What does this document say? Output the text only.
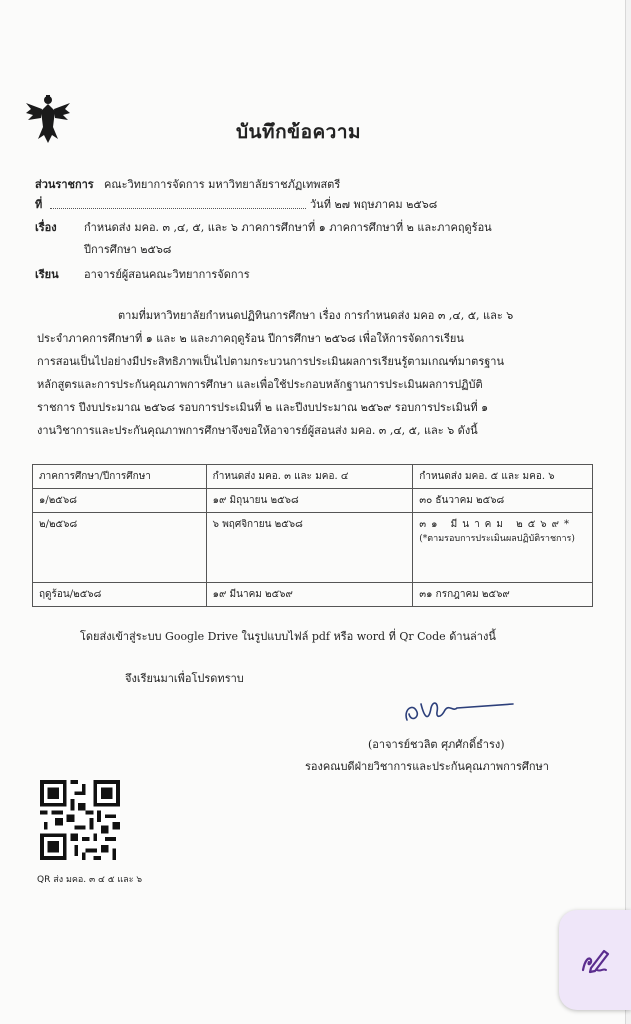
บันทึกข้อความ
ส่วนราชการ คณะวิทยาการจัดการ มหาวิทยาลัยราชภัฏเทพสตรี
ที่	วันที่ ๒๗ พฤษภาคม ๒๕๖๘
เรื่อง กำหนดส่ง มคอ. ๓ ,๔, ๕, และ ๖ ภาคการศึกษาที่ ๑ ภาคการศึกษาที่ ๒ และภาคฤดูร้อน
ปีการศึกษา ๒๕๖๘
เรียน อาจารย์ผู้สอนคณะวิทยาการจัดการ
ตามที่มหาวิทยาลัยกำหนดปฏิทินการศึกษา เรื่อง การกำหนดส่ง มคอ ๓ ,๔, ๕, และ ๖
ประจำภาคการศึกษาที่ ๑ และ ๒ และภาคฤดูร้อน ปีการศึกษา ๒๕๖๘ เพื่อให้การจัดการเรียน
การสอนเป็นไปอย่างมีประสิทธิภาพเป็นไปตามกระบวนการประเมินผลการเรียนรู้ตามเกณฑ์มาตรฐาน
หลักสูตรและการประกันคุณภาพการศึกษา และเพื่อใช้ประกอบหลักฐานการประเมินผลการปฏิบัติ
ราชการ ปีงบประมาณ ๒๕๖๘ รอบการประเมินที่ ๒ และปีงบประมาณ ๒๕๖๙ รอบการประเมินที่ ๑
งานวิชาการและประกันคุณภาพการศึกษาจึงขอให้อาจารย์ผู้สอนส่ง มคอ. ๓ ,๔, ๕, และ ๖ ดังนี้
ภาคการศึกษา/ปีการศึกษา	กำหนดส่ง มคอ. ๓ และ มคอ. ๔	กำหนดส่ง มคอ. ๕ และ มคอ. ๖
๑/๒๕๖๘	๑๙ มิถุนายน ๒๕๖๘	๓๐ ธันวาคม ๒๕๖๘
๒/๒๕๖๘	๖ พฤศจิกายน ๒๕๖๘	๓๑ มีนาคม ๒๕๖๙*
(*ตามรอบการประเมินผลปฏิบัติราชการ)

ฤดูร้อน/๒๕๖๘	๑๙ มีนาคม ๒๕๖๙	๓๑ กรกฎาคม ๒๕๖๙
โดยส่งเข้าสู่ระบบ Google Drive ในรูปแบบไฟล์ pdf หรือ word ที่ Qr Code ด้านล่างนี้
จึงเรียนมาเพื่อโปรดทราบ
(อาจารย์ชวลิต ศุภศักดิ์ธำรง)
รองคณบดีฝ่ายวิชาการและประกันคุณภาพการศึกษา
QR ส่ง มคอ. ๓ ๔ ๕ และ ๖
